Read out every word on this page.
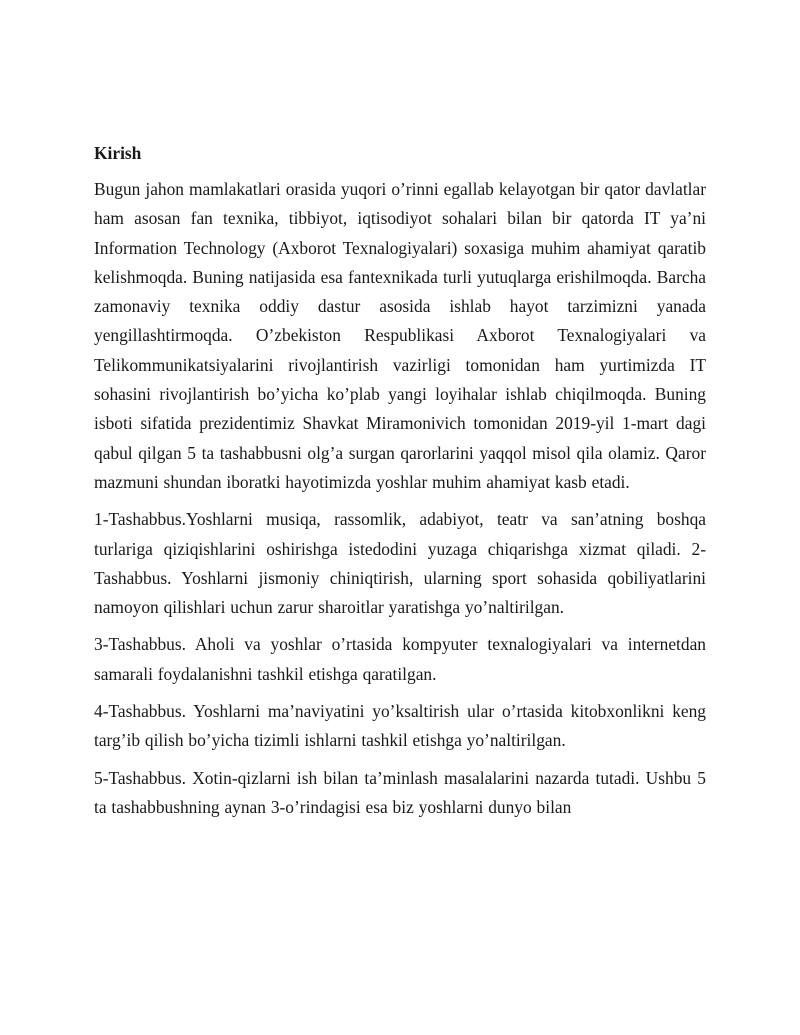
Kirish

Bugun jahon mamlakatlari orasida yuqori o’rinni egallab kelayotgan bir qator davlatlar ham asosan fan texnika, tibbiyot, iqtisodiyot sohalari bilan bir qatorda IT ya’ni Information Technology (Axborot Texnalogiyalari) soxasiga muhim ahamiyat qaratib kelishmoqda. Buning natijasida esa fantexnikada turli yutuqlarga erishilmoqda. Barcha zamonaviy texnika oddiy dastur asosida ishlab hayot tarzimizni yanada yengillashtirmoqda. O’zbekiston Respublikasi Axborot Texnalogiyalari va Telikommunikatsiyalarini rivojlantirish vazirligi tomonidan ham yurtimizda IT sohasini rivojlantirish bo’yicha ko’plab yangi loyihalar ishlab chiqilmoqda. Buning isboti sifatida prezidentimiz Shavkat Miramonivich tomonidan 2019-yil 1-mart dagi qabul qilgan 5 ta tashabbusni olg’a surgan qarorlarini yaqqol misol qila olamiz. Qaror mazmuni shundan iboratki hayotimizda yoshlar muhim ahamiyat kasb etadi.

1-Tashabbus.Yoshlarni musiqa, rassomlik, adabiyot, teatr va san’atning boshqa turlariga qiziqishlarini oshirishga istedodini yuzaga chiqarishga xizmat qiladi. 2-Tashabbus. Yoshlarni jismoniy chiniqtirish, ularning sport sohasida qobiliyatlarini namoyon qilishlari uchun zarur sharoitlar yaratishga yo’naltirilgan.

3-Tashabbus. Aholi va yoshlar o’rtasida kompyuter texnalogiyalari va internetdan samarali foydalanishni tashkil etishga qaratilgan.

4-Tashabbus. Yoshlarni ma’naviyatini yo’ksaltirish ular o’rtasida kitobxonlikni keng targ’ib qilish bo’yicha tizimli ishlarni tashkil etishga yo’naltirilgan.

5-Tashabbus. Xotin-qizlarni ish bilan ta’minlash masalalarini nazarda tutadi. Ushbu 5 ta tashabbushning aynan 3-o’rindagisi esa biz yoshlarni dunyo bilan
